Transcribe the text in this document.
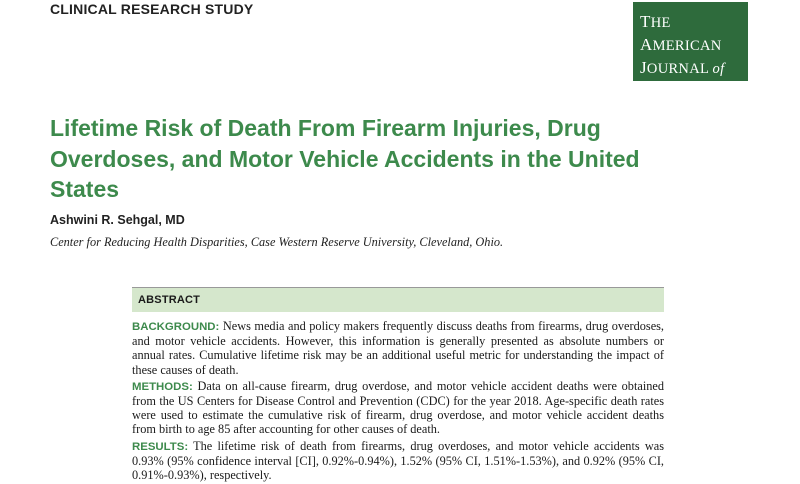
CLINICAL RESEARCH STUDY
THE AMERICAN
JOURNAL of
MEDICINE ®
Lifetime Risk of Death From Firearm Injuries, Drug Overdoses, and Motor Vehicle Accidents in the United States
Ashwini R. Sehgal, MD
Center for Reducing Health Disparities, Case Western Reserve University, Cleveland, Ohio.
ABSTRACT

BACKGROUND: News media and policy makers frequently discuss deaths from firearms, drug overdoses, and motor vehicle accidents. However, this information is generally presented as absolute numbers or annual rates. Cumulative lifetime risk may be an additional useful metric for understanding the impact of these causes of death.

METHODS: Data on all-cause firearm, drug overdose, and motor vehicle accident deaths were obtained from the US Centers for Disease Control and Prevention (CDC) for the year 2018. Age-specific death rates were used to estimate the cumulative risk of firearm, drug overdose, and motor vehicle accident deaths from birth to age 85 after accounting for other causes of death.

RESULTS: The lifetime risk of death from firearms, drug overdoses, and motor vehicle accidents was 0.93% (95% confidence interval [CI], 0.92%-0.94%), 1.52% (95% CI, 1.51%-1.53%), and 0.92% (95% CI, 0.91%-0.93%), respectively.
